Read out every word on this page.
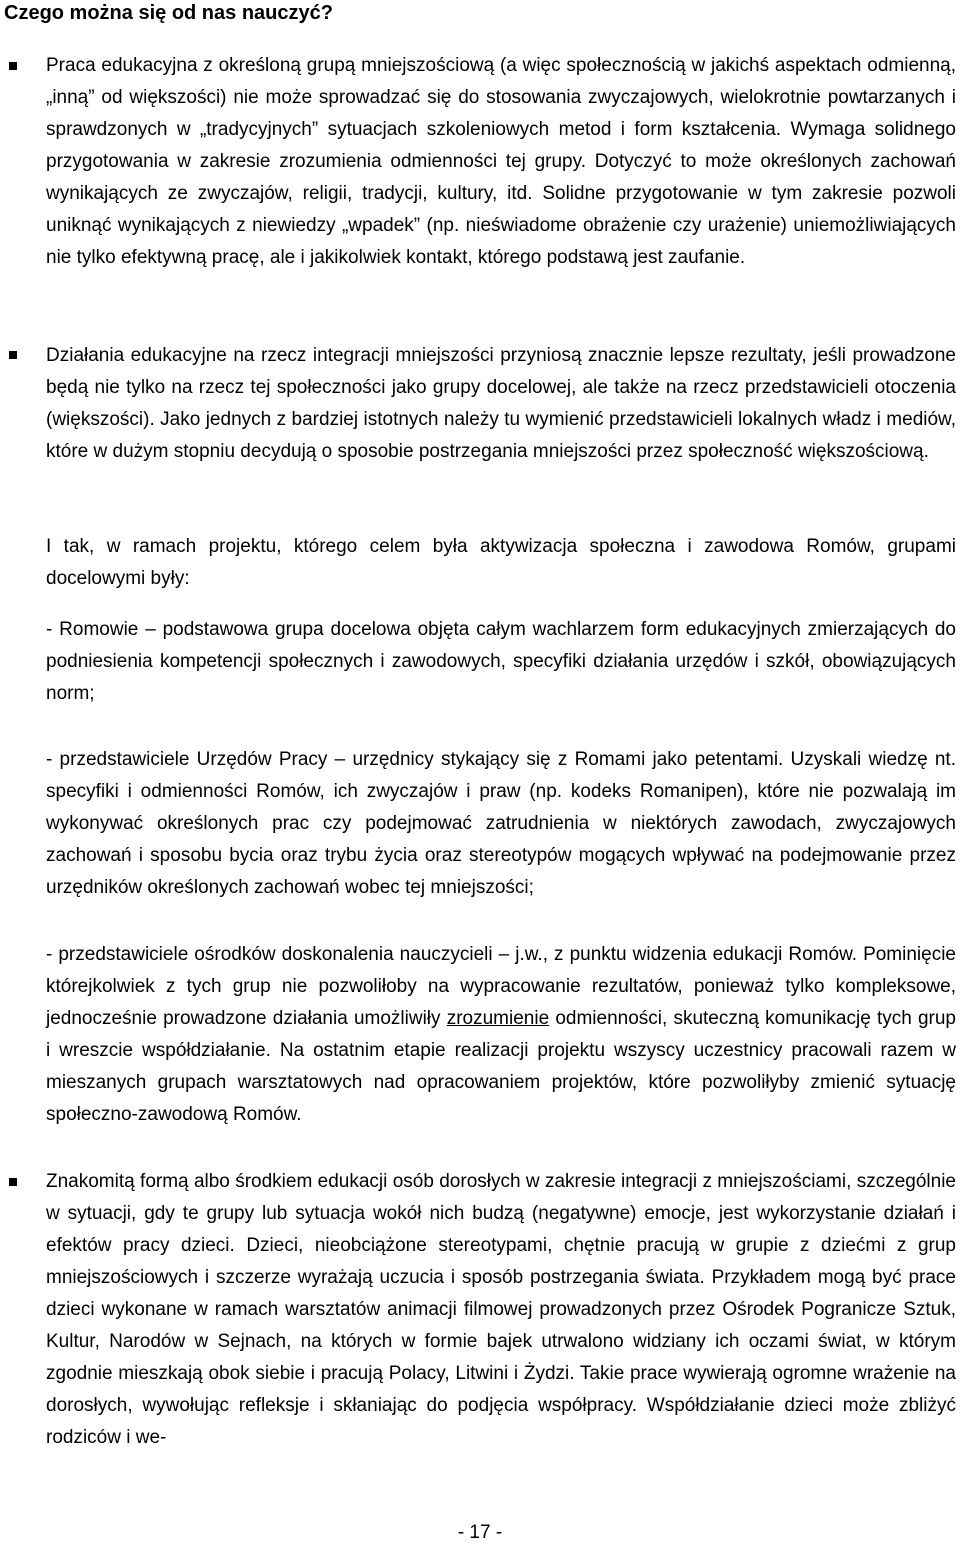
Czego można się od nas nauczyć?

Praca edukacyjna z określoną grupą mniejszościową (a więc społecznością w jakichś aspektach odmienną, „inną” od większości) nie może sprowadzać się do stosowania zwyczajowych, wielokrotnie powtarzanych i sprawdzonych w „tradycyjnych” sytuacjach szkoleniowych metod i form kształcenia. Wymaga solidnego przygotowania w zakresie zrozumienia odmienności tej grupy. Dotyczyć to może określonych zachowań wynikających ze zwyczajów, religii, tradycji, kultury, itd. Solidne przygotowanie w tym zakresie pozwoli uniknąć wynikających z niewiedzy „wpadek” (np. nieświadome obrażenie czy urażenie) uniemożliwiających nie tylko efektywną pracę, ale i jakikolwiek kontakt, którego podstawą jest zaufanie.

Działania edukacyjne na rzecz integracji mniejszości przyniosą znacznie lepsze rezultaty, jeśli prowadzone będą nie tylko na rzecz tej społeczności jako grupy docelowej, ale także na rzecz przedstawicieli otoczenia (większości). Jako jednych z bardziej istotnych należy tu wymienić przedstawicieli lokalnych władz i mediów, które w dużym stopniu decydują o sposobie postrzegania mniejszości przez społeczność większościową.

I tak, w ramach projektu, którego celem była aktywizacja społeczna i zawodowa Romów, grupami docelowymi były:

- Romowie – podstawowa grupa docelowa objęta całym wachlarzem form edukacyjnych zmierzających do podniesienia kompetencji społecznych i zawodowych, specyfiki działania urzędów i szkół, obowiązujących norm;

- przedstawiciele Urzędów Pracy – urzędnicy stykający się z Romami jako petentami. Uzyskali wiedzę nt. specyfiki i odmienności Romów, ich zwyczajów i praw (np. kodeks Romanipen), które nie pozwalają im wykonywać określonych prac czy podejmować zatrudnienia w niektórych zawodach, zwyczajowych zachowań i sposobu bycia oraz trybu życia oraz stereotypów mogących wpływać na podejmowanie przez urzędników określonych zachowań wobec tej mniejszości;

- przedstawiciele ośrodków doskonalenia nauczycieli – j.w., z punktu widzenia edukacji Romów. Pominięcie którejkolwiek z tych grup nie pozwoliłoby na wypracowanie rezultatów, ponieważ tylko kompleksowe, jednocześnie prowadzone działania umożliwiły zrozumienie odmienności, skuteczną komunikację tych grup i wreszcie współdziałanie. Na ostatnim etapie realizacji projektu wszyscy uczestnicy pracowali razem w mieszanych grupach warsztatowych nad opracowaniem projektów, które pozwoliłyby zmienić sytuację społeczno-zawodową Romów.

Znakomitą formą albo środkiem edukacji osób dorosłych w zakresie integracji z mniejszościami, szczególnie w sytuacji, gdy te grupy lub sytuacja wokół nich budzą (negatywne) emocje, jest wykorzystanie działań i efektów pracy dzieci. Dzieci, nieobciążone stereotypami, chętnie pracują w grupie z dziećmi z grup mniejszościowych i szczerze wyrażają uczucia i sposób postrzegania świata. Przykładem mogą być prace dzieci wykonane w ramach warsztatów animacji filmowej prowadzonych przez Ośrodek Pogranicze Sztuk, Kultur, Narodów w Sejnach, na których w formie bajek utrwalono widziany ich oczami świat, w którym zgodnie mieszkają obok siebie i pracują Polacy, Litwini i Żydzi. Takie prace wywierają ogromne wrażenie na dorosłych, wywołując refleksje i skłaniając do podjęcia współpracy. Współdziałanie dzieci może zbliżyć rodziców i we-

- 17 -
